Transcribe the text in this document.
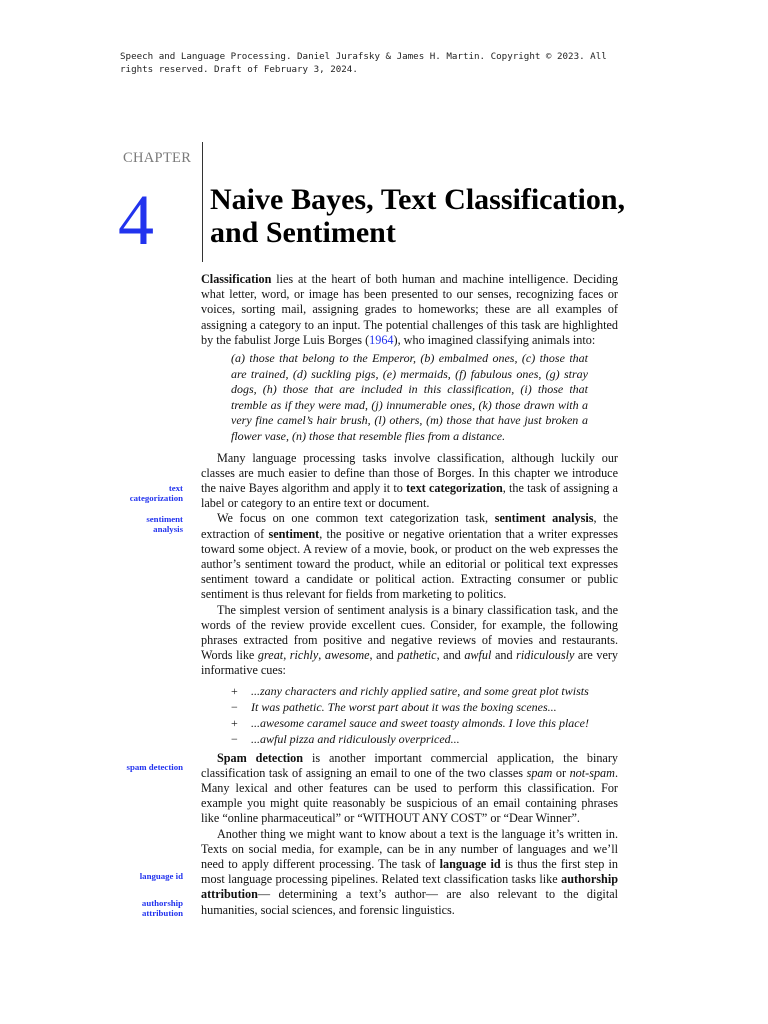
Speech and Language Processing. Daniel Jurafsky & James H. Martin. Copyright © 2023. All
rights reserved. Draft of February 3, 2024.
CHAPTER
4 Naive Bayes, Text Classification, and Sentiment
text
categorization
sentiment
analysis
spam detection
language id
authorship
attribution

Classification lies at the heart of both human and machine intelligence. Deciding what letter, word, or image has been presented to our senses, recognizing faces or voices, sorting mail, assigning grades to homeworks; these are all examples of assigning a category to an input. The potential challenges of this task are highlighted by the fabulist Jorge Luis Borges (1964), who imagined classifying animals into:

(a) those that belong to the Emperor, (b) embalmed ones, (c) those that are trained, (d) suckling pigs, (e) mermaids, (f) fabulous ones, (g) stray dogs, (h) those that are included in this classification, (i) those that tremble as if they were mad, (j) innumerable ones, (k) those drawn with a very fine camel’s hair brush, (l) others, (m) those that have just broken a flower vase, (n) those that resemble flies from a distance.

Many language processing tasks involve classification, although luckily our classes are much easier to define than those of Borges. In this chapter we introduce the naive Bayes algorithm and apply it to text categorization, the task of assigning a label or category to an entire text or document.

We focus on one common text categorization task, sentiment analysis, the extraction of sentiment, the positive or negative orientation that a writer expresses toward some object. A review of a movie, book, or product on the web expresses the author’s sentiment toward the product, while an editorial or political text expresses sentiment toward a candidate or political action. Extracting consumer or public sentiment is thus relevant for fields from marketing to politics.

The simplest version of sentiment analysis is a binary classification task, and the words of the review provide excellent cues. Consider, for example, the following phrases extracted from positive and negative reviews of movies and restaurants. Words like great, richly, awesome, and pathetic, and awful and ridiculously are very informative cues:

+	...zany characters and richly applied satire, and some great plot twists
−	It was pathetic. The worst part about it was the boxing scenes...
+	...awesome caramel sauce and sweet toasty almonds. I love this place!
−	...awful pizza and ridiculously overpriced...

Spam detection is another important commercial application, the binary classification task of assigning an email to one of the two classes spam or not-spam. Many lexical and other features can be used to perform this classification. For example you might quite reasonably be suspicious of an email containing phrases like “online pharmaceutical” or “WITHOUT ANY COST” or “Dear Winner”.

Another thing we might want to know about a text is the language it’s written in. Texts on social media, for example, can be in any number of languages and we’ll need to apply different processing. The task of language id is thus the first step in most language processing pipelines. Related text classification tasks like authorship attribution— determining a text’s author— are also relevant to the digital humanities, social sciences, and forensic linguistics.
